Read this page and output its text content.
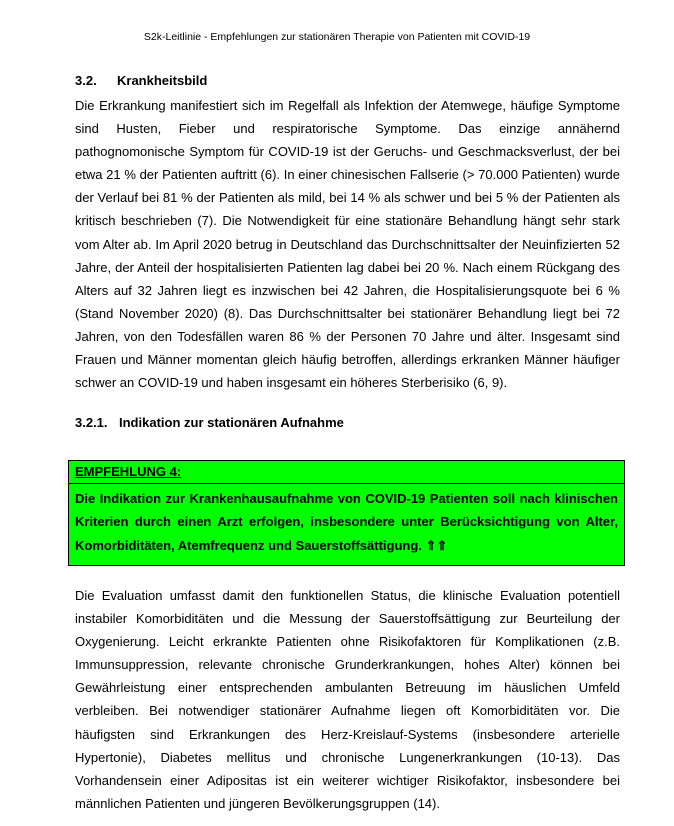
S2k-Leitlinie - Empfehlungen zur stationären Therapie von Patienten mit COVID-19
3.2. Krankheitsbild

Die Erkrankung manifestiert sich im Regelfall als Infektion der Atemwege, häufige Symptome sind Husten, Fieber und respiratorische Symptome. Das einzige annähernd pathognomonische Symptom für COVID-19 ist der Geruchs- und Geschmacksverlust, der bei etwa 21 % der Patienten auftritt (6). In einer chinesischen Fallserie (> 70.000 Patienten) wurde der Verlauf bei 81 % der Patienten als mild, bei 14 % als schwer und bei 5 % der Patienten als kritisch beschrieben (7). Die Notwendigkeit für eine stationäre Behandlung hängt sehr stark vom Alter ab. Im April 2020 betrug in Deutschland das Durchschnittsalter der Neuinfizierten 52 Jahre, der Anteil der hospitalisierten Patienten lag dabei bei 20 %. Nach einem Rückgang des Alters auf 32 Jahren liegt es inzwischen bei 42 Jahren, die Hospitalisierungsquote bei 6 % (Stand November 2020) (8). Das Durchschnittsalter bei stationärer Behandlung liegt bei 72 Jahren, von den Todesfällen waren 86 % der Personen 70 Jahre und älter. Insgesamt sind Frauen und Männer momentan gleich häufig betroffen, allerdings erkranken Männer häufiger schwer an COVID-19 und haben insgesamt ein höheres Sterberisiko (6, 9).

3.2.1. Indikation zur stationären Aufnahme
EMPFEHLUNG 4:
Die Indikation zur Krankenhausaufnahme von COVID-19 Patienten soll nach klinischen Kriterien durch einen Arzt erfolgen, insbesondere unter Berücksichtigung von Alter, Komorbiditäten, Atemfrequenz und Sauerstoffsättigung. ⇑⇑

Die Evaluation umfasst damit den funktionellen Status, die klinische Evaluation potentiell instabiler Komorbiditäten und die Messung der Sauerstoffsättigung zur Beurteilung der Oxygenierung. Leicht erkrankte Patienten ohne Risikofaktoren für Komplikationen (z.B. Immunsuppression, relevante chronische Grunderkrankungen, hohes Alter) können bei Gewährleistung einer entsprechenden ambulanten Betreuung im häuslichen Umfeld verbleiben. Bei notwendiger stationärer Aufnahme liegen oft Komorbiditäten vor. Die häufigsten sind Erkrankungen des Herz-Kreislauf-Systems (insbesondere arterielle Hypertonie), Diabetes mellitus und chronische Lungenerkrankungen (10-13). Das Vorhandensein einer Adipositas ist ein weiterer wichtiger Risikofaktor, insbesondere bei männlichen Patienten und jüngeren Bevölkerungsgruppen (14).
